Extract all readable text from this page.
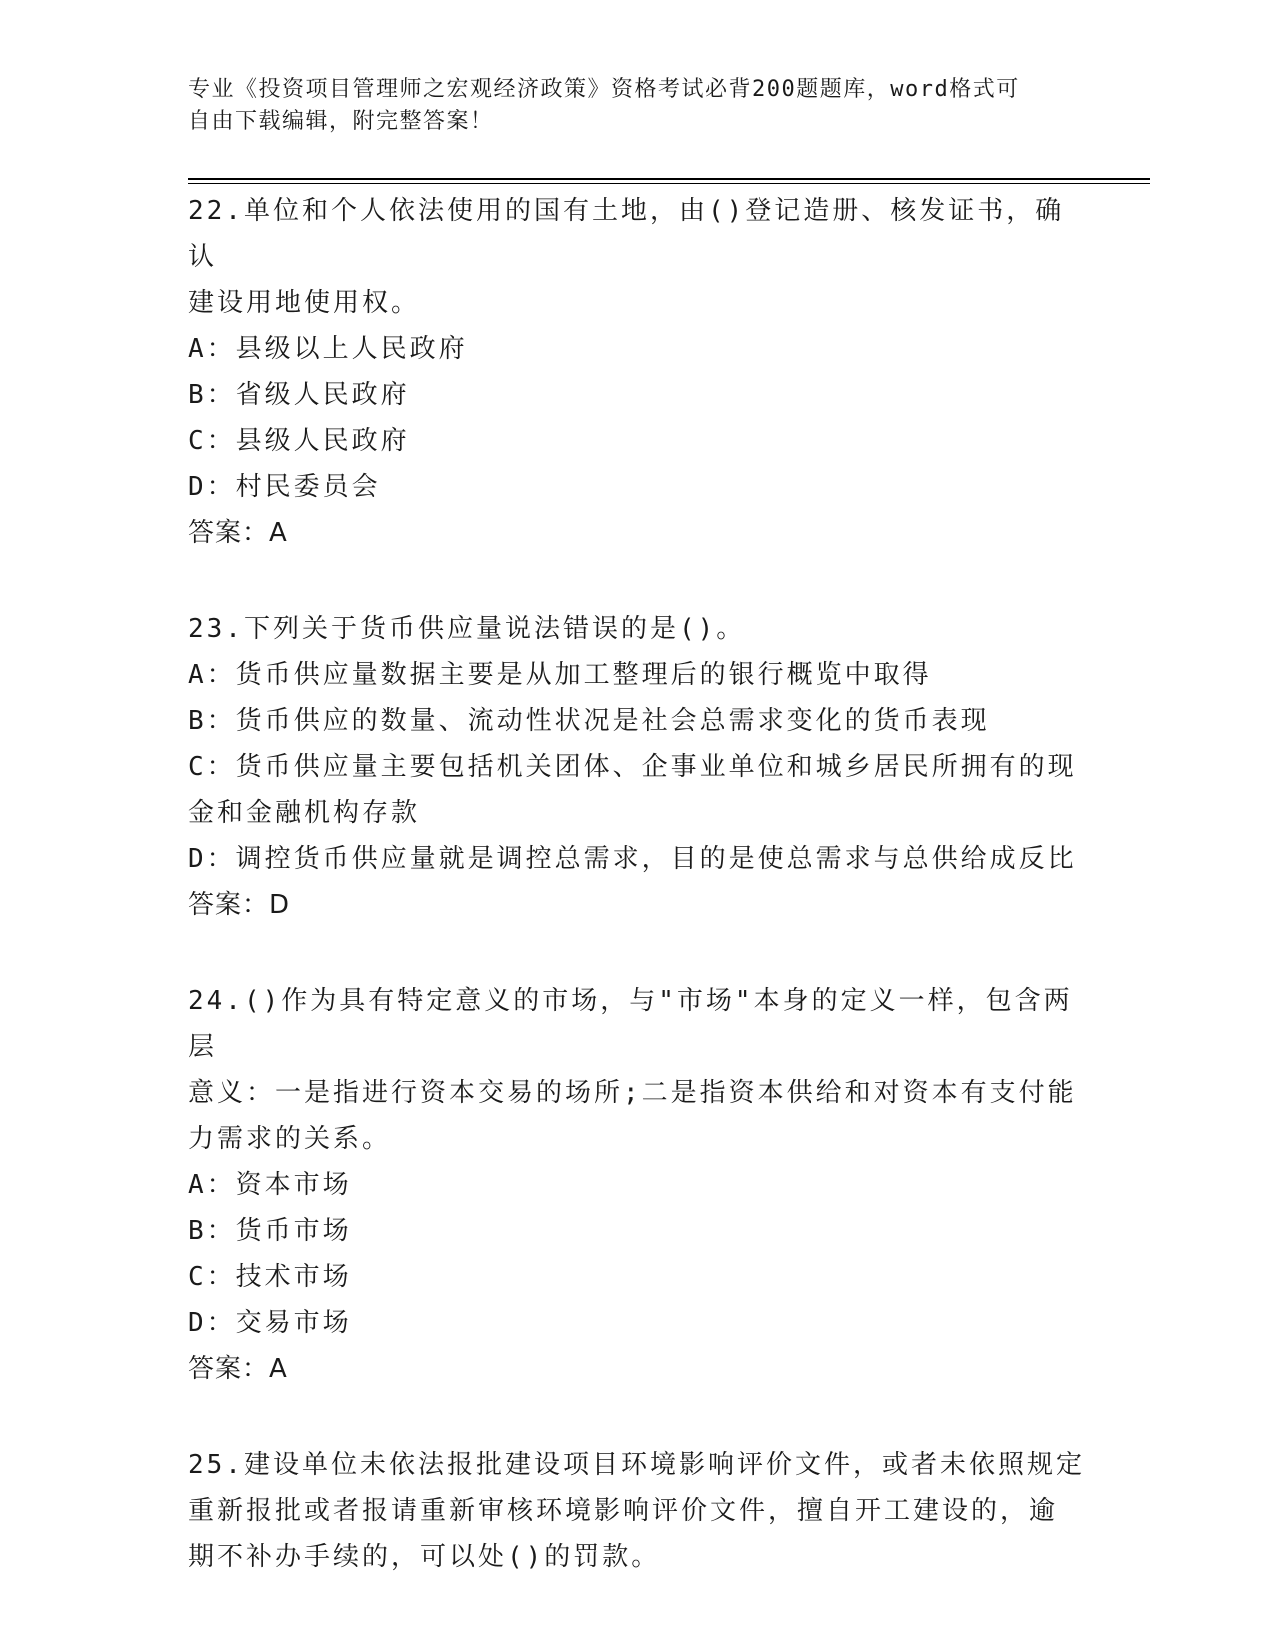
专业《投资项目管理师之宏观经济政策》资格考试必背200题题库，word格式可
自由下载编辑，附完整答案！

22.单位和个人依法使用的国有土地，由()登记造册、核发证书，确认

建设用地使用权。

A：县级以上人民政府

B：省级人民政府

C：县级人民政府

D：村民委员会

答案：A

23.下列关于货币供应量说法错误的是()。

A：货币供应量数据主要是从加工整理后的银行概览中取得

B：货币供应的数量、流动性状况是社会总需求变化的货币表现

C：货币供应量主要包括机关团体、企事业单位和城乡居民所拥有的现

金和金融机构存款

D：调控货币供应量就是调控总需求，目的是使总需求与总供给成反比

答案：D

24.()作为具有特定意义的市场，与"市场"本身的定义一样，包含两层

意义：一是指进行资本交易的场所;二是指资本供给和对资本有支付能

力需求的关系。

A：资本市场

B：货币市场

C：技术市场

D：交易市场

答案：A

25.建设单位未依法报批建设项目环境影响评价文件，或者未依照规定

重新报批或者报请重新审核环境影响评价文件，擅自开工建设的，逾

期不补办手续的，可以处()的罚款。
